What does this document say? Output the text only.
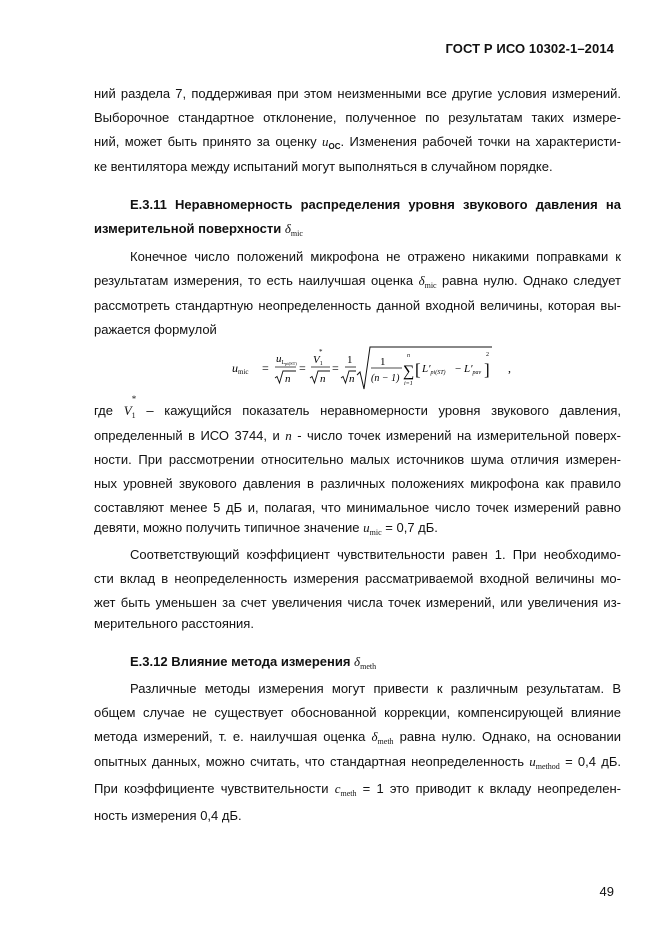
ГОСТ Р ИСО 10302-1–2014
ний раздела 7, поддерживая при этом неизменными все другие условия измерений.
Выборочное стандартное отклонение, полученное по результатам таких измере-
ний, может быть принято за оценку $u_{OC}$. Изменения рабочей точки на характеристи-
ке вентилятора между испытаний могут выполняться в случайном порядке.
Е.3.11 Неравномерность распределения уровня звукового давления на
измерительной поверхности $\delta_{mic}$
Конечное число положений микрофона не отражено никакими поправками к
результатам измерения, то есть наилучшая оценка $\delta_{mic}$ равна нулю. Однако следует
рассмотреть стандартную неопределенность данной входной величины, которая вы-
ражается формулой
umic =
uLpi(ST)
n
=
V1
*
n
=
1
n
1
(n − 1)
n
∑
i=1
[ L′pi(ST) − L′pav ]
2
,
где $V_1$
*
– кажущийся показатель неравномерности уровня звукового давления,
определенный в ИСО 3744, и n - число точек измерений на измерительной поверх-
ности. При рассмотрении относительно малых источников шума отличия измерен-
ных уровней звукового давления в различных положениях микрофона как правило
составляют менее 5 дБ и, полагая, что минимальное число точек измерений равно
девяти, можно получить типичное значение $u_{mic} = 0,7$ дБ.
Соответствующий коэффициент чувствительности равен 1. При необходимо-
сти вклад в неопределенность измерения рассматриваемой входной величины мо-
жет быть уменьшен за счет увеличения числа точек измерений, или увеличения из-
мерительного расстояния.
Е.3.12 Влияние метода измерения $\delta_{meth}$
Различные методы измерения могут привести к различным результатам. В
общем случае не существует обоснованной коррекции, компенсирующей влияние
метода измерений, т. е. наилучшая оценка $\delta_{meth}$ равна нулю. Однако, на основании
опытных данных, можно считать, что стандартная неопределенность $u_{method} = 0,4$ дБ.
При коэффициенте чувствительности $c_{meth} = 1$ это приводит к вкладу неопределен-
ность измерения 0,4 дБ.
49
